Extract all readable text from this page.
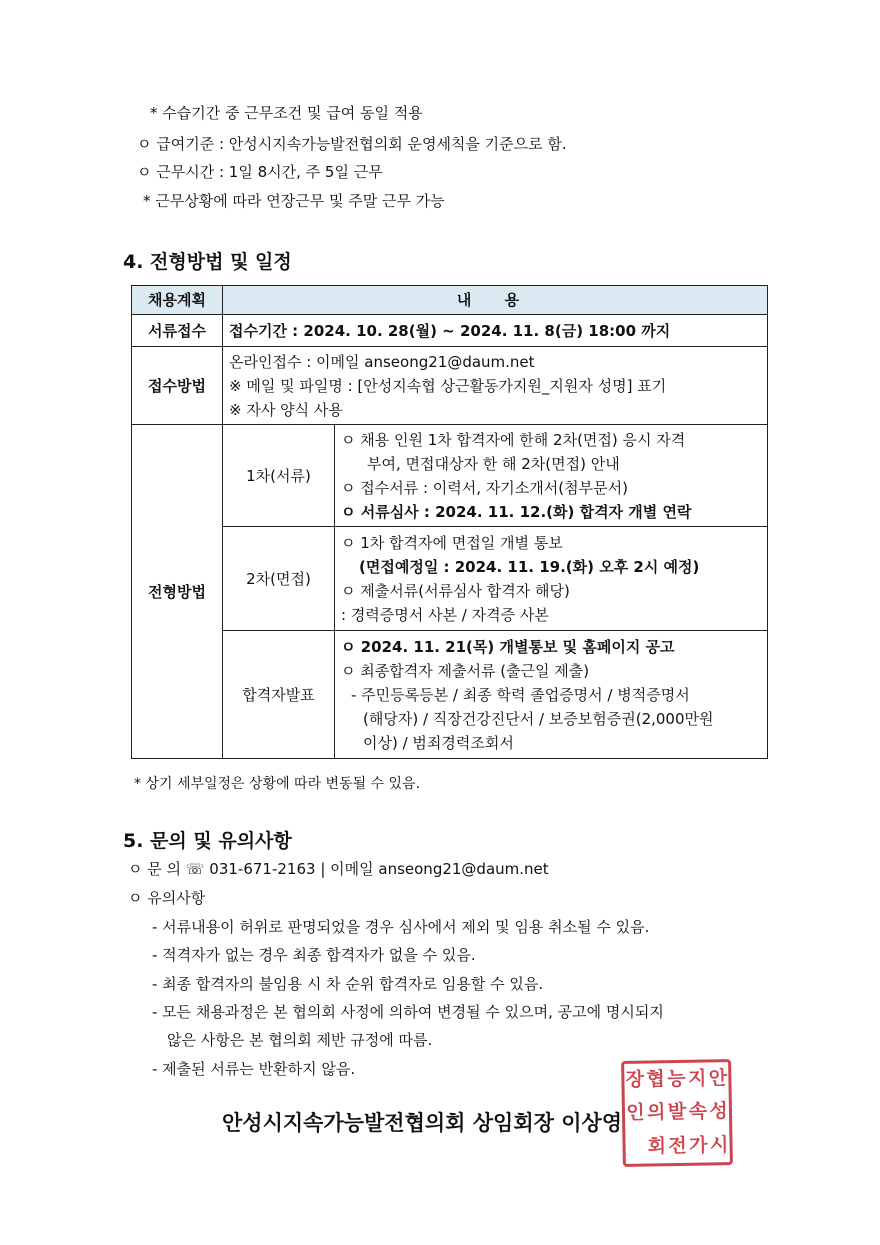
* 수습기간 중 근무조건 및 급여 동일 적용
ㅇ 급여기준 : 안성시지속가능발전협의회 운영세칙을 기준으로 함.
ㅇ 근무시간 : 1일 8시간, 주 5일 근무
* 근무상황에 따라 연장근무 및 주말 근무 가능
4. 전형방법 및 일정
채용계획	내 용	
서류접수	접수기간 : 2024. 10. 28(월) ~ 2024. 11. 8(금) 18:00 까지	
접수방법	온라인접수 : 이메일 anseong21@daum.net
※ 메일 및 파일명 : [안성지속협 상근활동가지원_지원자 성명] 표기
※ 자사 양식 사용	

전형방법	1차(서류)	ㅇ 채용 인원 1차 합격자에 한해 2차(면접) 응시 자격
부여, 면접대상자 한 해 2차(면접) 안내
ㅇ 접수서류 : 이력서, 자기소개서(첨부문서)
ㅇ 서류심사 : 2024. 11. 12.(화) 합격자 개별 연락

	2차(면접)	ㅇ 1차 합격자에 면접일 개별 통보
(면접예정일 : 2024. 11. 19.(화) 오후 2시 예정)
ㅇ 제출서류(서류심사 합격자 해당)
: 경력증명서 사본 / 자격증 사본

	합격자발표	ㅇ 2024. 11. 21(목) 개별통보 및 홈페이지 공고
ㅇ 최종합격자 제출서류 (출근일 제출)
- 주민등록등본 / 최종 학력 졸업증명서 / 병적증명서
(해당자) / 직장건강진단서 / 보증보험증권(2,000만원
이상) / 범죄경력조회서
* 상기 세부일정은 상황에 따라 변동될 수 있음.
5. 문의 및 유의사항
ㅇ 문 의 ☏ 031-671-2163 | 이메일 anseong21@daum.net
ㅇ 유의사항
- 서류내용이 허위로 판명되었을 경우 심사에서 제외 및 임용 취소될 수 있음.
- 적격자가 없는 경우 최종 합격자가 없을 수 있음.
- 최종 합격자의 불임용 시 차 순위 합격자로 임용할 수 있음.
- 모든 채용과정은 본 협의회 사정에 의하여 변경될 수 있으며, 공고에 명시되지
않은 사항은 본 협의회 제반 규정에 따름.
- 제출된 서류는 반환하지 않음.
안성시지속가능발전협의회 상임회장 이상영
장 협 능 지 안
인 의 발 속 성
회 전 가 시
